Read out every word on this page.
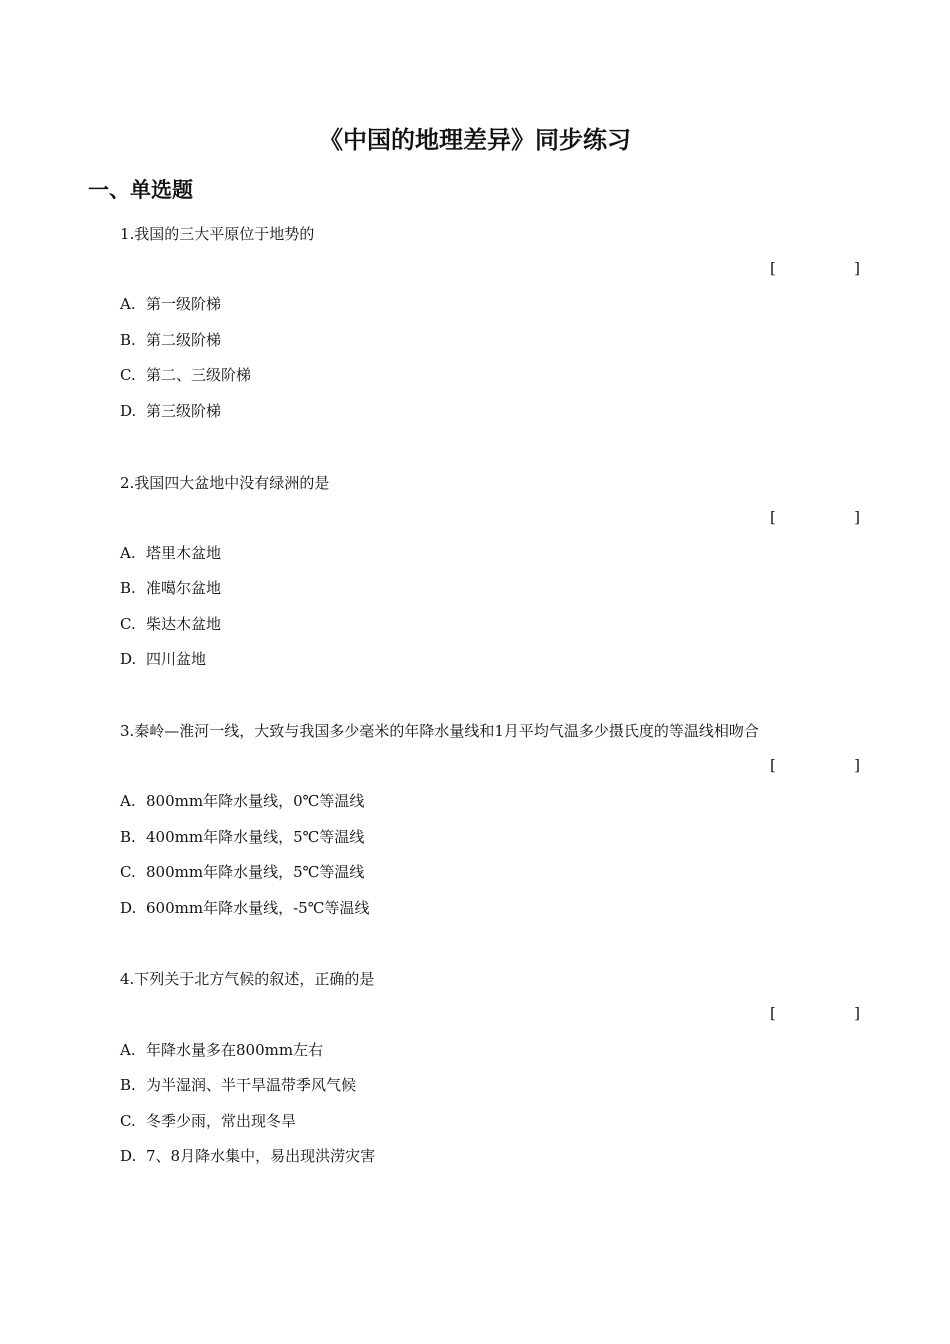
《中国的地理差异》同步练习
一、单选题
1.我国的三大平原位于地势的
[	]
A. 第一级阶梯
B. 第二级阶梯
C. 第二、三级阶梯
D. 第三级阶梯
2.我国四大盆地中没有绿洲的是
[	]
A. 塔里木盆地
B. 准噶尔盆地
C. 柴达木盆地
D. 四川盆地
3.秦岭—淮河一线，大致与我国多少毫米的年降水量线和1月平均气温多少摄氏度的等温线相吻合
[	]
A. 800mm年降水量线，0℃等温线
B. 400mm年降水量线，5℃等温线
C. 800mm年降水量线，5℃等温线
D. 600mm年降水量线，-5℃等温线
4.下列关于北方气候的叙述，正确的是
[	]
A. 年降水量多在800mm左右
B. 为半湿润、半干旱温带季风气候
C. 冬季少雨，常出现冬旱
D. 7、8月降水集中，易出现洪涝灾害
